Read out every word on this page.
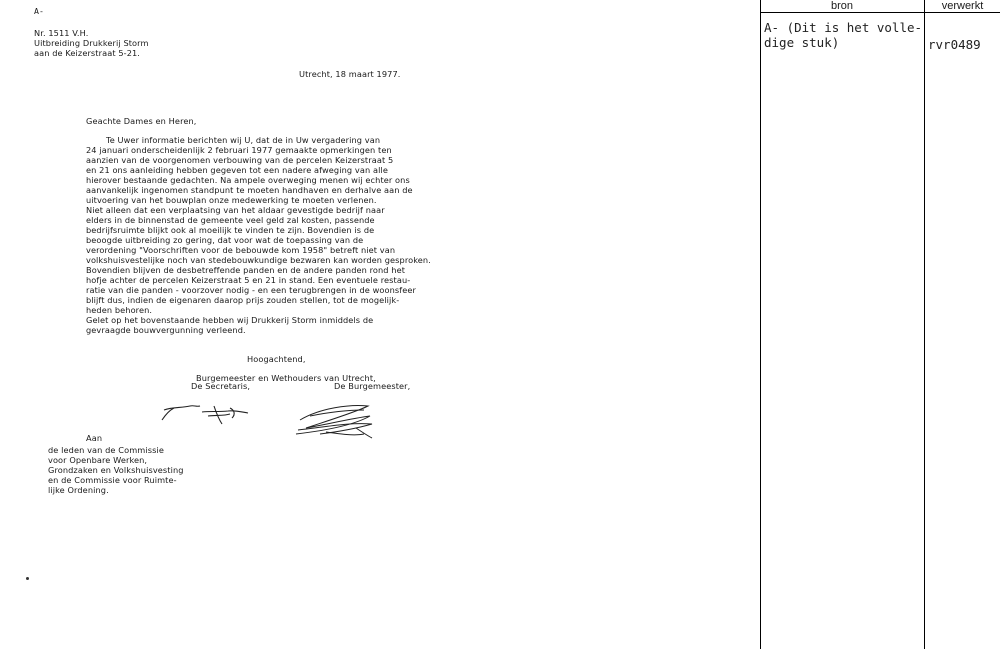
A-
Nr. 1511 V.H.
Uitbreiding Drukkerij Storm
aan de Keizerstraat 5-21.
Utrecht, 18 maart 1977.
Geachte Dames en Heren,
Te Uwer informatie berichten wij U, dat de in Uw vergadering van
24 januari onderscheidenlijk 2 februari 1977 gemaakte opmerkingen ten
aanzien van de voorgenomen verbouwing van de percelen Keizerstraat 5
en 21 ons aanleiding hebben gegeven tot een nadere afweging van alle
hierover bestaande gedachten. Na ampele overweging menen wij echter ons
aanvankelijk ingenomen standpunt te moeten handhaven en derhalve aan de
uitvoering van het bouwplan onze medewerking te moeten verlenen.
Niet alleen dat een verplaatsing van het aldaar gevestigde bedrijf naar
elders in de binnenstad de gemeente veel geld zal kosten, passende
bedrijfsruimte blijkt ook al moeilijk te vinden te zijn. Bovendien is de
beoogde uitbreiding zo gering, dat voor wat de toepassing van de
verordening "Voorschriften voor de bebouwde kom 1958" betreft niet van
volkshuisvestelijke noch van stedebouwkundige bezwaren kan worden gesproken.
Bovendien blijven de desbetreffende panden en de andere panden rond het
hofje achter de percelen Keizerstraat 5 en 21 in stand. Een eventuele restau-
ratie van die panden - voorzover nodig - en een terugbrengen in de woonsfeer
blijft dus, indien de eigenaren daarop prijs zouden stellen, tot de mogelijk-
heden behoren.
Gelet op het bovenstaande hebben wij Drukkerij Storm inmiddels de
gevraagde bouwvergunning verleend.
Hoogachtend,
Burgemeester en Wethouders van Utrecht,
De Secretaris,	De Burgemeester,
Aan
de leden van de Commissie
voor Openbare Werken,
Grondzaken en Volkshuisvesting
en de Commissie voor Ruimte-
lijke Ordening.
bron	verwerkt
A- (Dit is het volle-
dige stuk)	rvr0489
